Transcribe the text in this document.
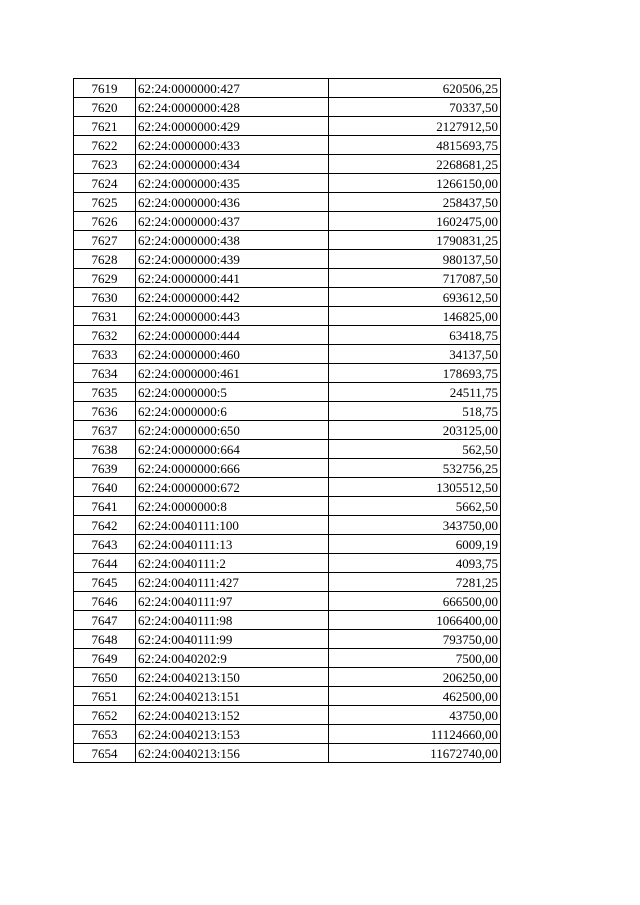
7619	62:24:0000000:427	620506,25
7620	62:24:0000000:428	70337,50
7621	62:24:0000000:429	2127912,50
7622	62:24:0000000:433	4815693,75
7623	62:24:0000000:434	2268681,25
7624	62:24:0000000:435	1266150,00
7625	62:24:0000000:436	258437,50
7626	62:24:0000000:437	1602475,00
7627	62:24:0000000:438	1790831,25
7628	62:24:0000000:439	980137,50
7629	62:24:0000000:441	717087,50
7630	62:24:0000000:442	693612,50
7631	62:24:0000000:443	146825,00
7632	62:24:0000000:444	63418,75
7633	62:24:0000000:460	34137,50
7634	62:24:0000000:461	178693,75
7635	62:24:0000000:5	24511,75
7636	62:24:0000000:6	518,75
7637	62:24:0000000:650	203125,00
7638	62:24:0000000:664	562,50
7639	62:24:0000000:666	532756,25
7640	62:24:0000000:672	1305512,50
7641	62:24:0000000:8	5662,50
7642	62:24:0040111:100	343750,00
7643	62:24:0040111:13	6009,19
7644	62:24:0040111:2	4093,75
7645	62:24:0040111:427	7281,25
7646	62:24:0040111:97	666500,00
7647	62:24:0040111:98	1066400,00
7648	62:24:0040111:99	793750,00
7649	62:24:0040202:9	7500,00
7650	62:24:0040213:150	206250,00
7651	62:24:0040213:151	462500,00
7652	62:24:0040213:152	43750,00
7653	62:24:0040213:153	11124660,00
7654	62:24:0040213:156	11672740,00
